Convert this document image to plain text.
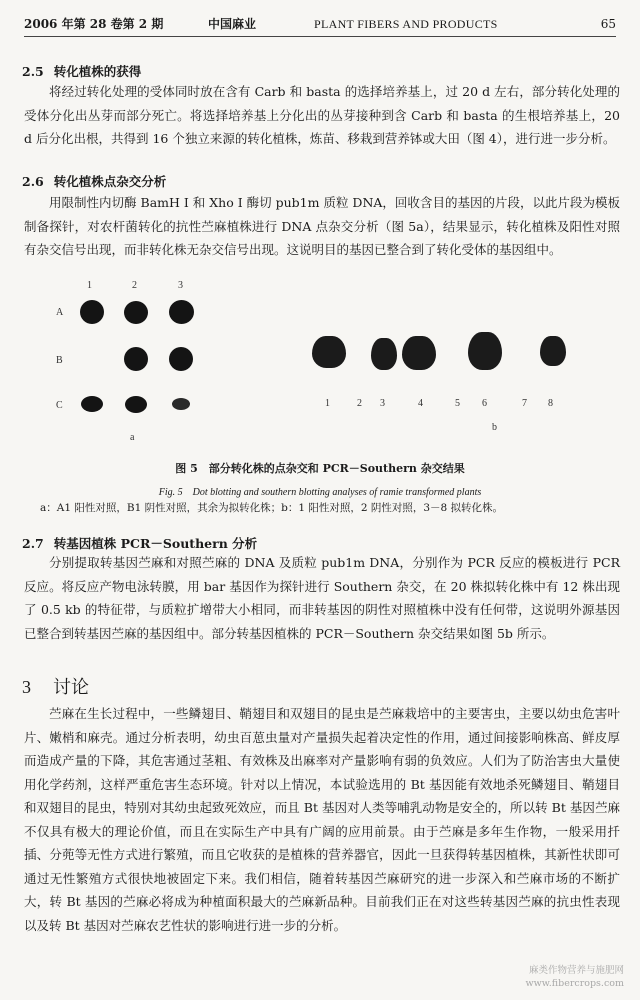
2006 年第 28 卷第 2 期	中国麻业	PLANT FIBERS AND PRODUCTS	65
2.5 转化植株的获得

将经过转化处理的受体同时放在含有 Carb 和 basta 的选择培养基上，过 20 d 左右，部分转化处理的受体分化出丛芽而部分死亡。将选择培养基上分化出的丛芽接种到含 Carb 和 basta 的生根培养基上，20 d 后分化出根，共得到 16 个独立来源的转化植株，炼苗、移栽到营养钵或大田（图 4），进行进一步分析。

2.6 转化植株点杂交分析

用限制性内切酶 BamH I 和 Xho I 酶切 pub1m 质粒 DNA，回收含目的基因的片段，以此片段为模板制备探针，对农杆菌转化的抗性苎麻植株进行 DNA 点杂交分析（图 5a），结果显示，转化植株及阳性对照有杂交信号出现，而非转化株无杂交信号出现。这说明目的基因已整合到了转化受体的基因组中。

1	2	3
A
B
C
a
1	2 3	4	5 6	7 8
b
图 5　部分转化株的点杂交和 PCR－Southern 杂交结果
Fig. 5　Dot blotting and southern blotting analyses of ramie transformed plants
a：A1 阳性对照，B1 阴性对照，其余为拟转化株；b：1 阳性对照，2 阴性对照，3－8 拟转化株。
2.7 转基因植株 PCR－Southern 分析

分别提取转基因苎麻和对照苎麻的 DNA 及质粒 pub1m DNA，分别作为 PCR 反应的模板进行 PCR 反应。将反应产物电泳转膜，用 bar 基因作为探针进行 Southern 杂交，在 20 株拟转化株中有 12 株出现了 0.5 kb 的特征带，与质粒扩增带大小相同，而非转基因的阴性对照植株中没有任何带，这说明外源基因已整合到转基因苎麻的基因组中。部分转基因植株的 PCR－Southern 杂交结果如图 5b 所示。

3 讨论

苎麻在生长过程中，一些鳞翅目、鞘翅目和双翅目的昆虫是苎麻栽培中的主要害虫，主要以幼虫危害叶片、嫩梢和麻壳。通过分析表明，幼虫百葸虫量对产量损失起着决定性的作用，通过间接影响株高、鲜皮厚而造成产量的下降，其危害通过茎粗、有效株及出麻率对产量影响有弱的负效应。人们为了防治害虫大量使用化学药剂，这样严重危害生态环境。针对以上情况，本试验选用的 Bt 基因能有效地杀死鳞翅目、鞘翅目和双翅目的昆虫，特别对其幼虫起致死效应，而且 Bt 基因对人类等哺乳动物是安全的，所以转 Bt 基因苎麻不仅具有极大的理论价值，而且在实际生产中具有广阔的应用前景。由于苎麻是多年生作物，一般采用扦插、分蔸等无性方式进行繁殖，而且它收获的是植株的营养器官，因此一旦获得转基因植株，其新性状即可通过无性繁殖方式很快地被固定下来。我们相信，随着转基因苎麻研究的进一步深入和苎麻市场的不断扩大，转 Bt 基因的苎麻必将成为种植面积最大的苎麻新品种。目前我们正在对这些转基因苎麻的抗虫性表现以及转 Bt 基因对苎麻农艺性状的影响进行进一步的分析。

麻类作物营养与施肥网
www.fibercrops.com
